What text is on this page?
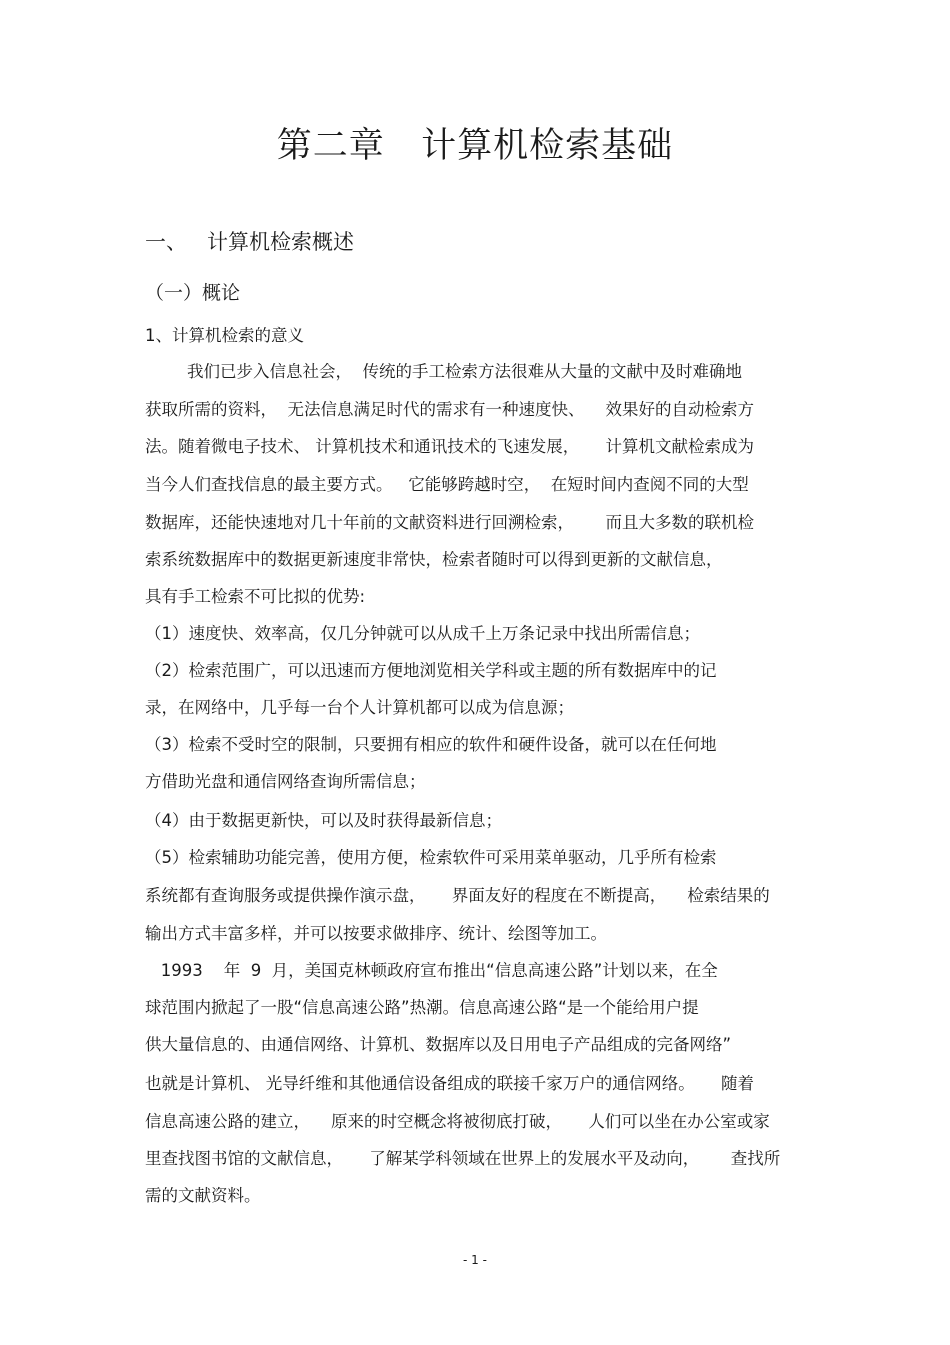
第二章   计算机检索基础
一、   计算机检索概述
（一）概论
1、计算机检索的意义
我们已步入信息社会，  传统的手工检索方法很难从大量的文献中及时难确地
获取所需的资料，  无法信息满足时代的需求有一种速度快、    效果好的自动检索方
法。随着微电子技术、 计算机技术和通讯技术的飞速发展，     计算机文献检索成为
当今人们查找信息的最主要方式。   它能够跨越时空，  在短时间内查阅不同的大型
数据库，还能快速地对几十年前的文献资料进行回溯检索，      而且大多数的联机检
索系统数据库中的数据更新速度非常快，检索者随时可以得到更新的文献信息，
具有手工检索不可比拟的优势:
（1）速度快、效率高，仅几分钟就可以从成千上万条记录中找出所需信息；
（2）检索范围广，可以迅速而方便地浏览相关学科或主题的所有数据库中的记
录，在网络中，几乎每一台个人计算机都可以成为信息源；
（3）检索不受时空的限制，只要拥有相应的软件和硬件设备，就可以在任何地
方借助光盘和通信网络查询所需信息；
（4）由于数据更新快，可以及时获得最新信息；
（5）检索辅助功能完善，使用方便，检索软件可采用菜单驱动，几乎所有检索
系统都有查询服务或提供操作演示盘，     界面友好的程度在不断提高，    检索结果的
输出方式丰富多样，并可以按要求做排序、统计、绘图等加工。
1993    年  9  月，美国克林顿政府宣布推出“信息高速公路”计划以来，在全
球范围内掀起了一股“信息高速公路”热潮。信息高速公路“是一个能给用户提
供大量信息的、由通信网络、计算机、数据库以及日用电子产品组成的完备网络”
也就是计算机、 光导纤维和其他通信设备组成的联接千家万户的通信网络。     随着
信息高速公路的建立，    原来的时空概念将被彻底打破，     人们可以坐在办公室或家
里查找图书馆的文献信息，     了解某学科领域在世界上的发展水平及动向，      查找所
需的文献资料。
- 1 -
